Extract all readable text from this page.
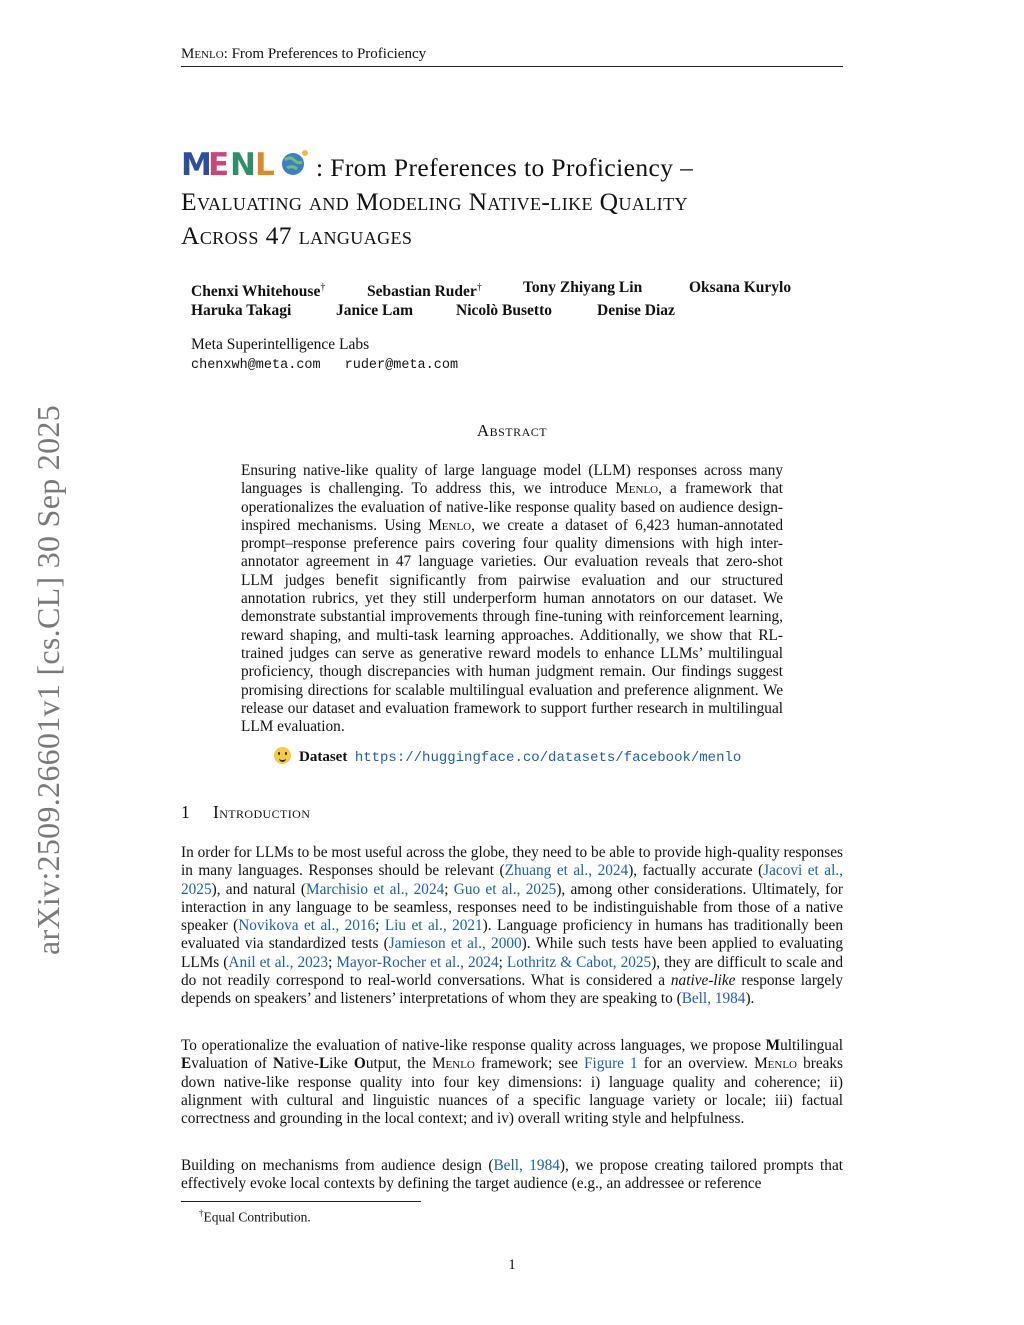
Menlo: From Preferences to Proficiency
arXiv:2509.26601v1 [cs.CL] 30 Sep 2025
M
E N
L : From Preferences to Proficiency –
Evaluating and Modeling Native-like Quality
Across 47 languages
Chenxi Whitehouse†	Sebastian Ruder†	Tony Zhiyang Lin	Oksana Kurylo
Haruka Takagi	Janice Lam	Nicolò Busetto	Denise Diaz
Meta Superintelligence Labs
chenxwh@meta.com ruder@meta.com
Abstract
Ensuring native-like quality of large language model (LLM) responses across many languages is challenging. To address this, we introduce Menlo, a framework that operationalizes the evaluation of native-like response quality based on audience design-inspired mechanisms. Using Menlo, we create a dataset of 6,423 human-annotated prompt–response preference pairs covering four quality dimensions with high inter-annotator agreement in 47 language varieties. Our evaluation reveals that zero-shot LLM judges benefit significantly from pairwise evaluation and our structured annotation rubrics, yet they still underperform human annotators on our dataset. We demonstrate substantial improvements through fine-tuning with reinforcement learning, reward shaping, and multi-task learning approaches. Additionally, we show that RL-trained judges can serve as generative reward models to enhance LLMs’ multilingual proficiency, though discrepancies with human judgment remain. Our findings suggest promising directions for scalable multilingual evaluation and preference alignment. We release our dataset and evaluation framework to support further research in multilingual LLM evaluation.
Dataset https://huggingface.co/datasets/facebook/menlo
1 Introduction
In order for LLMs to be most useful across the globe, they need to be able to provide high-quality responses in many languages. Responses should be relevant (Zhuang et al., 2024), factually accurate (Jacovi et al., 2025), and natural (Marchisio et al., 2024; Guo et al., 2025), among other considerations. Ultimately, for interaction in any language to be seamless, responses need to be indistinguishable from those of a native speaker (Novikova et al., 2016; Liu et al., 2021). Language proficiency in humans has traditionally been evaluated via standardized tests (Jamieson et al., 2000). While such tests have been applied to evaluating LLMs (Anil et al., 2023; Mayor-Rocher et al., 2024; Lothritz & Cabot, 2025), they are difficult to scale and do not readily correspond to real-world conversations. What is considered a native-like response largely depends on speakers’ and listeners’ interpretations of whom they are speaking to (Bell, 1984).
To operationalize the evaluation of native-like response quality across languages, we propose Multilingual Evaluation of Native-Like Output, the Menlo framework; see Figure 1 for an overview. Menlo breaks down native-like response quality into four key dimensions: i) language quality and coherence; ii) alignment with cultural and linguistic nuances of a specific language variety or locale; iii) factual correctness and grounding in the local context; and iv) overall writing style and helpfulness.
Building on mechanisms from audience design (Bell, 1984), we propose creating tailored prompts that effectively evoke local contexts by defining the target audience (e.g., an addressee or reference
†Equal Contribution.
1
